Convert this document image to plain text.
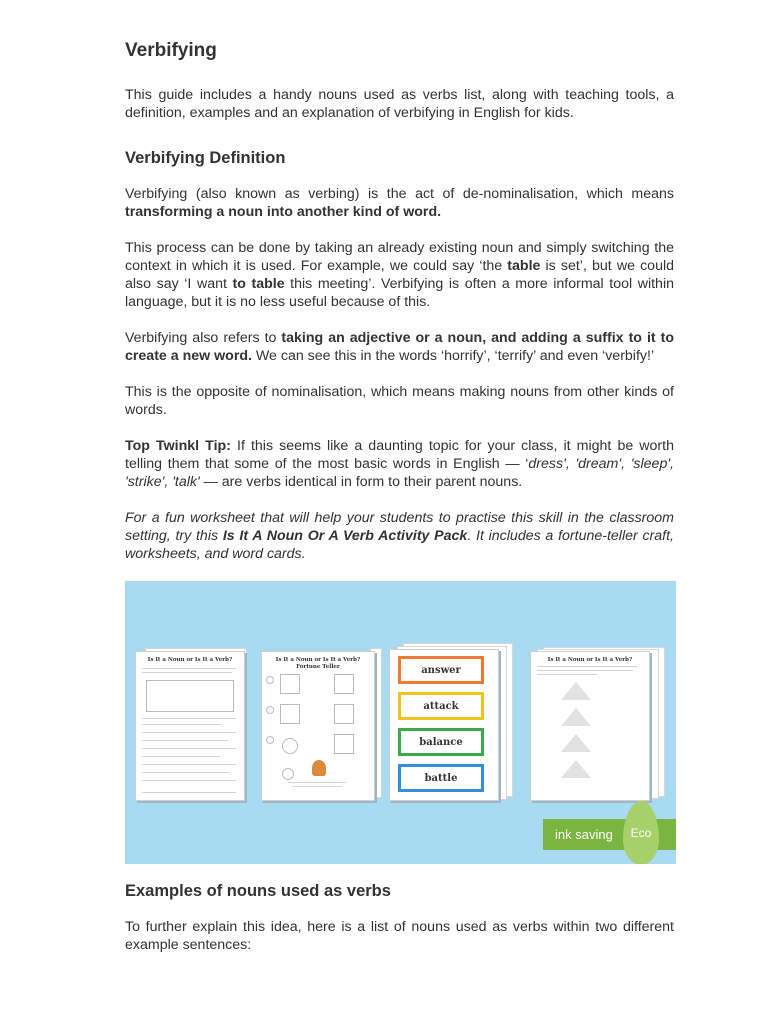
Verbifying

This guide includes a handy nouns used as verbs list, along with teaching tools, a definition, examples and an explanation of verbifying in English for kids.

Verbifying Definition

Verbifying (also known as verbing) is the act of de-nominalisation, which means transforming a noun into another kind of word.

This process can be done by taking an already existing noun and simply switching the context in which it is used. For example, we could say ‘the table is set’, but we could also say ‘I want to table this meeting’. Verbifying is often a more informal tool within language, but it is no less useful because of this.

Verbifying also refers to taking an adjective or a noun, and adding a suffix to it to create a new word. We can see this in the words ‘horrify’, ‘terrify’ and even ‘verbify!’

This is the opposite of nominalisation, which means making nouns from other kinds of words.

Top Twinkl Tip: If this seems like a daunting topic for your class, it might be worth telling them that some of the most basic words in English — ‘dress', 'dream', 'sleep', 'strike', 'talk' — are verbs identical in form to their parent nouns.

For a fun worksheet that will help your students to practise this skill in the classroom setting, try this Is It A Noun Or A Verb Activity Pack. It includes a fortune-teller craft, worksheets, and word cards.

Is It a Noun or Is It a Verb?	Is It a Noun or Is It a Verb?
Fortune Teller	answer
attack
balance
battle
Is It a Noun or Is It a Verb?
ink saving	Eco
Examples of nouns used as verbs

To further explain this idea, here is a list of nouns used as verbs within two different example sentences:
